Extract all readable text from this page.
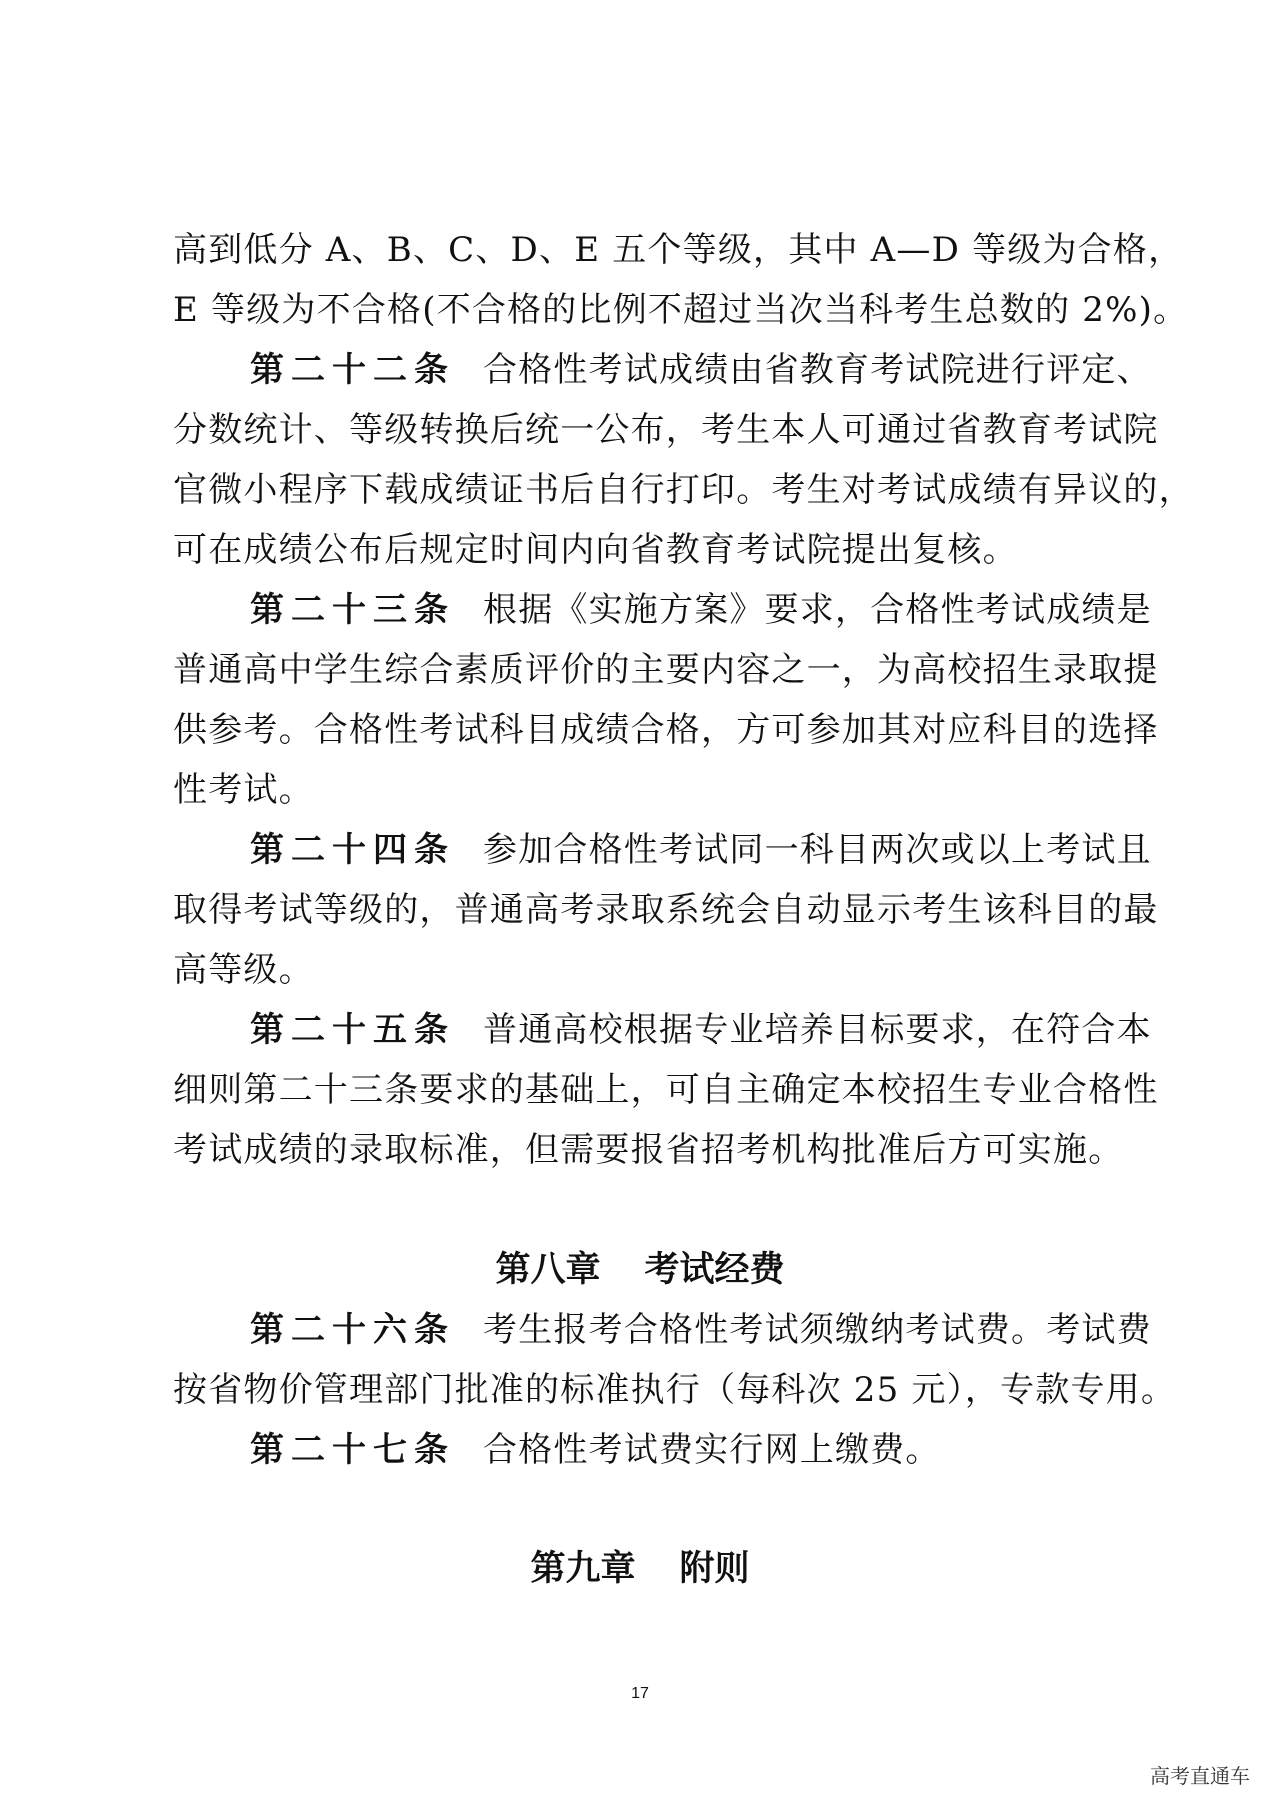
高到低分 A、B、C、D、E 五个等级，其中 A—D 等级为合格，
E 等级为不合格(不合格的比例不超过当次当科考生总数的 2%)。
第二十二条 合格性考试成绩由省教育考试院进行评定、
分数统计、等级转换后统一公布，考生本人可通过省教育考试院
官微小程序下载成绩证书后自行打印。考生对考试成绩有异议的，
可在成绩公布后规定时间内向省教育考试院提出复核。
第二十三条 根据《实施方案》要求，合格性考试成绩是
普通高中学生综合素质评价的主要内容之一，为高校招生录取提
供参考。合格性考试科目成绩合格，方可参加其对应科目的选择
性考试。
第二十四条 参加合格性考试同一科目两次或以上考试且
取得考试等级的，普通高考录取系统会自动显示考生该科目的最
高等级。
第二十五条 普通高校根据专业培养目标要求，在符合本
细则第二十三条要求的基础上，可自主确定本校招生专业合格性
考试成绩的录取标准，但需要报省招考机构批准后方可实施。
第八章 考试经费
第二十六条 考生报考合格性考试须缴纳考试费。考试费
按省物价管理部门批准的标准执行（每科次 25 元），专款专用。
第二十七条 合格性考试费实行网上缴费。
第九章 附则
17
高考直通车
